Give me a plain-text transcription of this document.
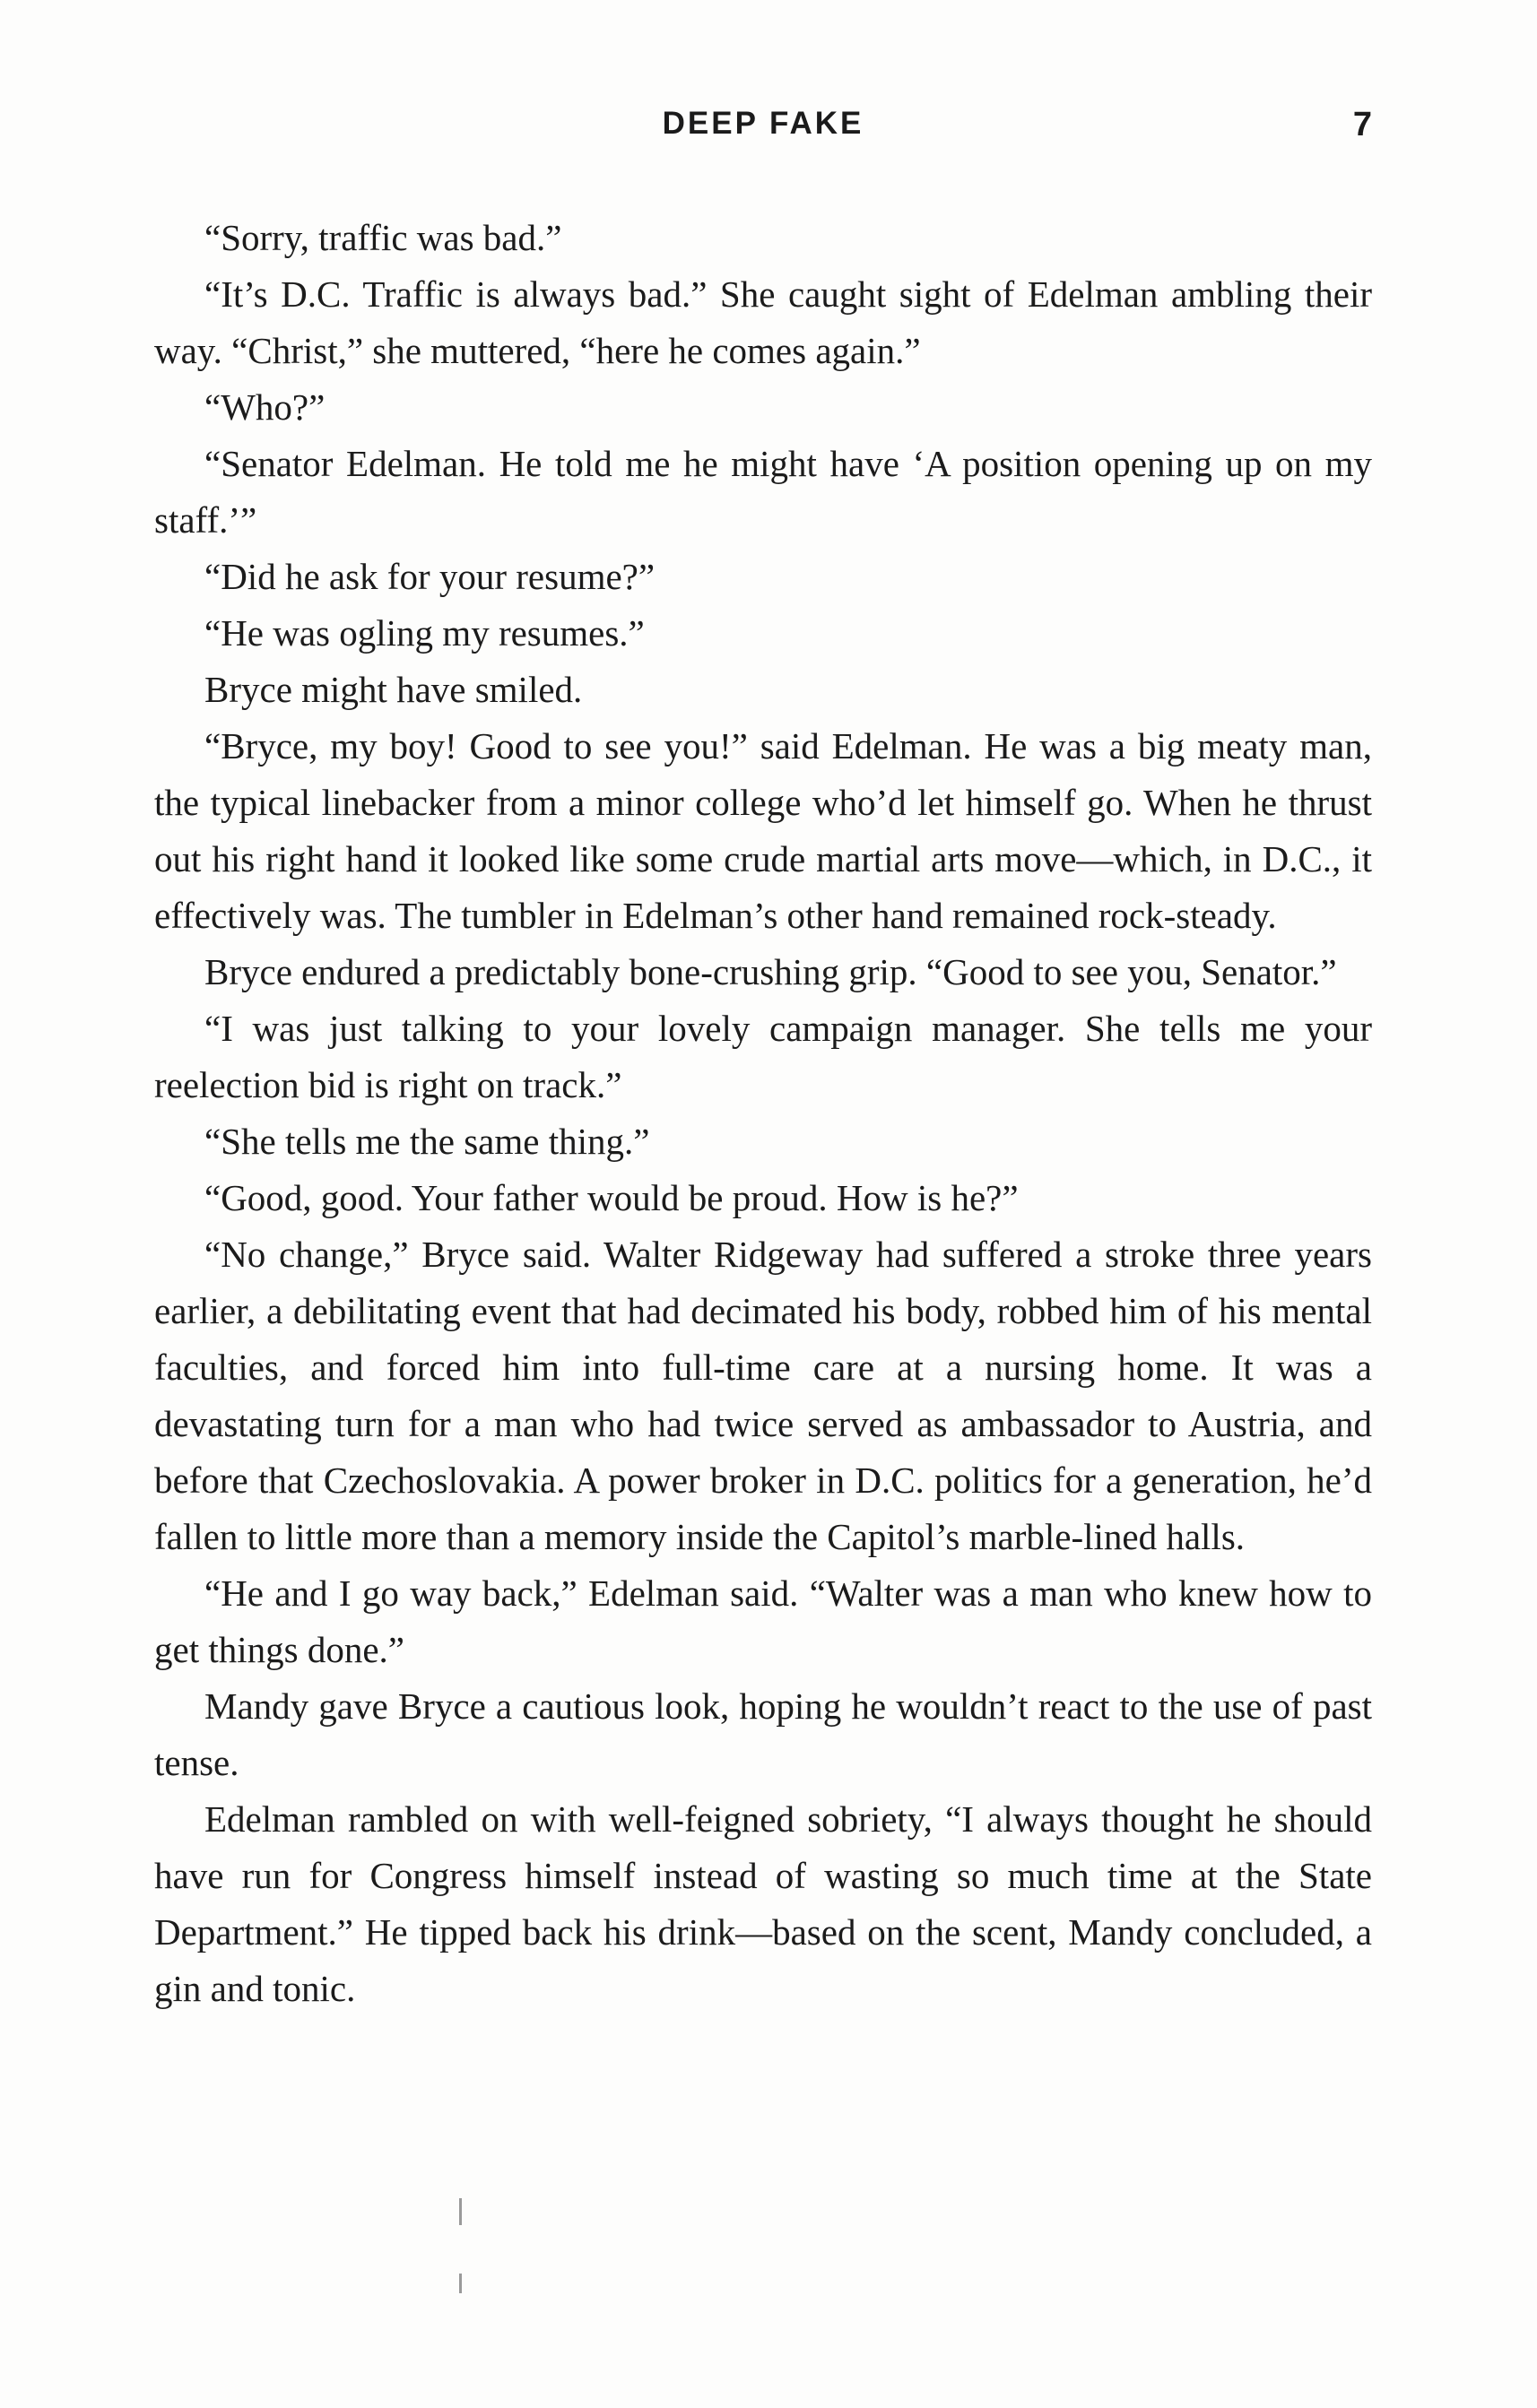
DEEP FAKE	7

“Sorry, traffic was bad.”

“It’s D.C. Traffic is always bad.” She caught sight of Edelman ambling their way. “Christ,” she muttered, “here he comes again.”

“Who?”

“Senator Edelman. He told me he might have ‘A position opening up on my staff.’”

“Did he ask for your resume?”

“He was ogling my resumes.”

Bryce might have smiled.

“Bryce, my boy! Good to see you!” said Edelman. He was a big meaty man, the typical linebacker from a minor college who’d let himself go. When he thrust out his right hand it looked like some crude martial arts move—which, in D.C., it effectively was. The tumbler in Edelman’s other hand remained rock-steady.

Bryce endured a predictably bone-crushing grip. “Good to see you, Senator.”

“I was just talking to your lovely campaign manager. She tells me your reelection bid is right on track.”

“She tells me the same thing.”

“Good, good. Your father would be proud. How is he?”

“No change,” Bryce said. Walter Ridgeway had suffered a stroke three years earlier, a debilitating event that had decimated his body, robbed him of his mental faculties, and forced him into full-time care at a nursing home. It was a devastating turn for a man who had twice served as ambassador to Austria, and before that Czechoslovakia. A power broker in D.C. politics for a generation, he’d fallen to little more than a memory inside the Capitol’s marble-lined halls.

“He and I go way back,” Edelman said. “Walter was a man who knew how to get things done.”

Mandy gave Bryce a cautious look, hoping he wouldn’t react to the use of past tense.

Edelman rambled on with well-feigned sobriety, “I always thought he should have run for Congress himself instead of wasting so much time at the State Department.” He tipped back his drink—based on the scent, Mandy concluded, a gin and tonic.
